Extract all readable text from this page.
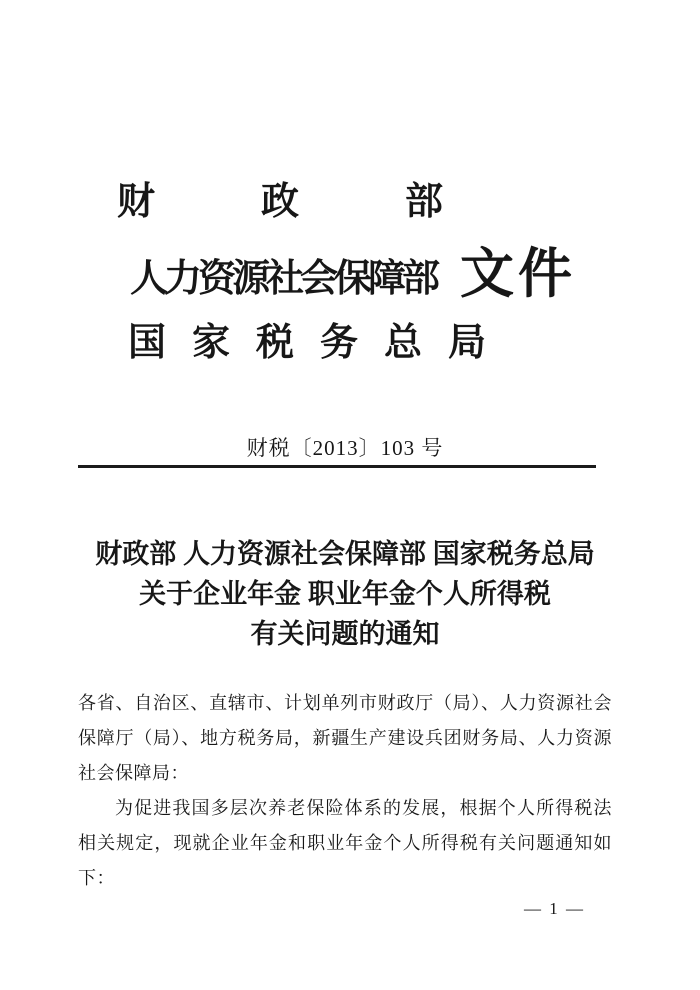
财政部
人力资源社会保障部 文件
国家税务总局
财税〔2013〕103 号
财政部 人力资源社会保障部 国家税务总局
关于企业年金 职业年金个人所得税
有关问题的通知
各省、自治区、直辖市、计划单列市财政厅（局）、人力资源社会
保障厅（局）、地方税务局，新疆生产建设兵团财务局、人力资源
社会保障局：
为促进我国多层次养老保险体系的发展，根据个人所得税法
相关规定，现就企业年金和职业年金个人所得税有关问题通知如
下：
— 1 —
